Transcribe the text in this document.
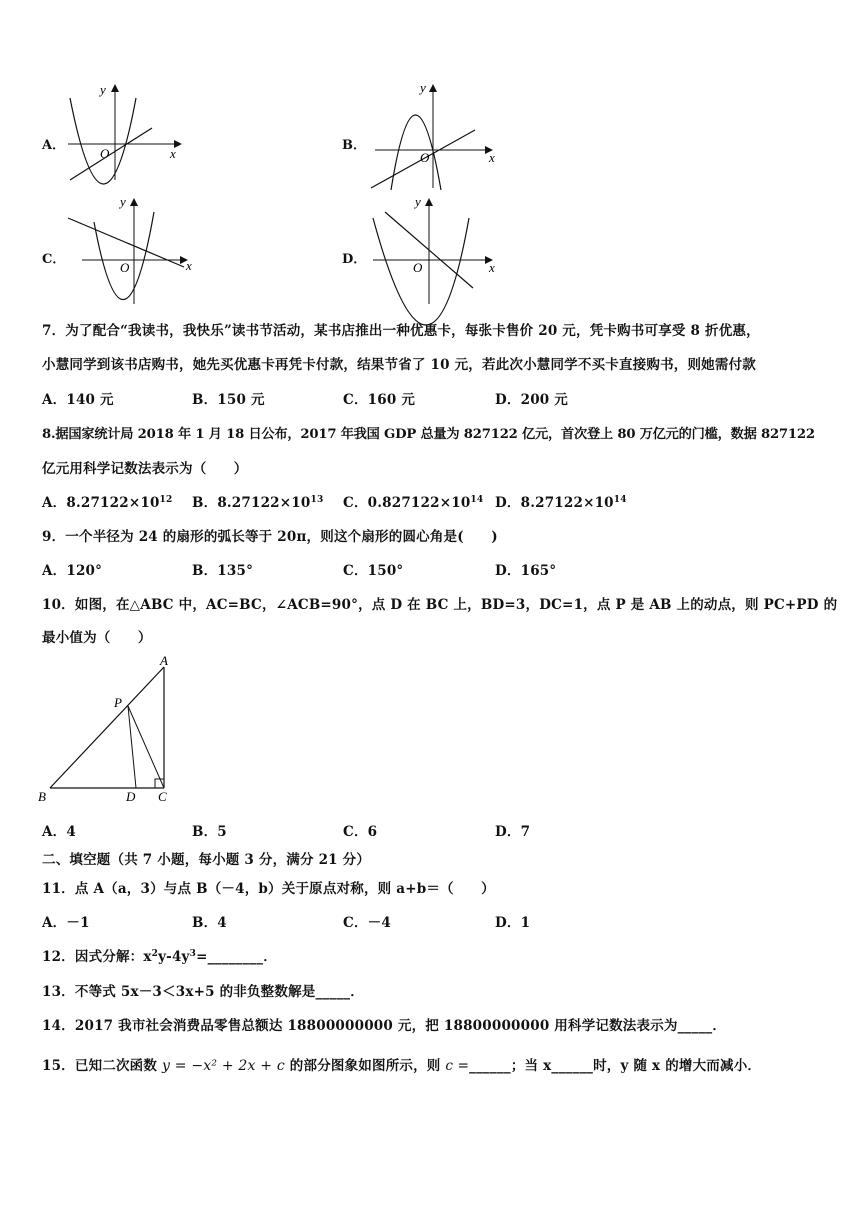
A．
y
x
O
B．
y
x
O
C．
y
x
O
D．
y
x
O
7．为了配合“我读书，我快乐”读书节活动，某书店推出一种优惠卡，每张卡售价 20 元，凭卡购书可享受 8 折优惠，
小慧同学到该书店购书，她先买优惠卡再凭卡付款，结果节省了 10 元，若此次小慧同学不买卡直接购书，则她需付款
A．140 元	B．150 元	C．160 元	D．200 元
8.据国家统计局 2018 年 1 月 18 日公布，2017 年我国 GDP 总量为 827122 亿元，首次登上 80 万亿元的门槛，数据 827122
亿元用科学记数法表示为（　　）
A．$8.27122\times 10^{12}$ B．$8.27122\times 10^{13}$ C．$0.827122\times 10^{14}$ D．$8.27122\times 10^{14}$
9．一个半径为 24 的扇形的弧长等于 20π，则这个扇形的圆心角是(　　)
A．120°	B．135°	C．150°	D．165°
10．如图，在△ABC 中，AC=BC，∠ACB=90°，点 D 在 BC 上，BD=3，DC=1，点 P 是 AB 上的动点，则 PC+PD 的
最小值为（　　）
A
B	C
D
P
A．4	B．5	C．6	D．7
二、填空题（共 7 小题，每小题 3 分，满分 21 分）
11．点 A（a，3）与点 B（－4，b）关于原点对称，则 a+b＝（　　）
A．－1	B．4	C．－4	D．1
12．因式分解：$x^2y-4y^3=\_\_\_\_\_\_\_\_$．
13．不等式 5x－3＜3x+5 的非负整数解是_____．
14．2017 我市社会消费品零售总额达 18800000000 元，把 18800000000 用科学记数法表示为_____．
15．已知二次函数 y = −x² + 2x + c 的部分图象如图所示，则 c =______；当 x______时，y 随 x 的增大而减小．
